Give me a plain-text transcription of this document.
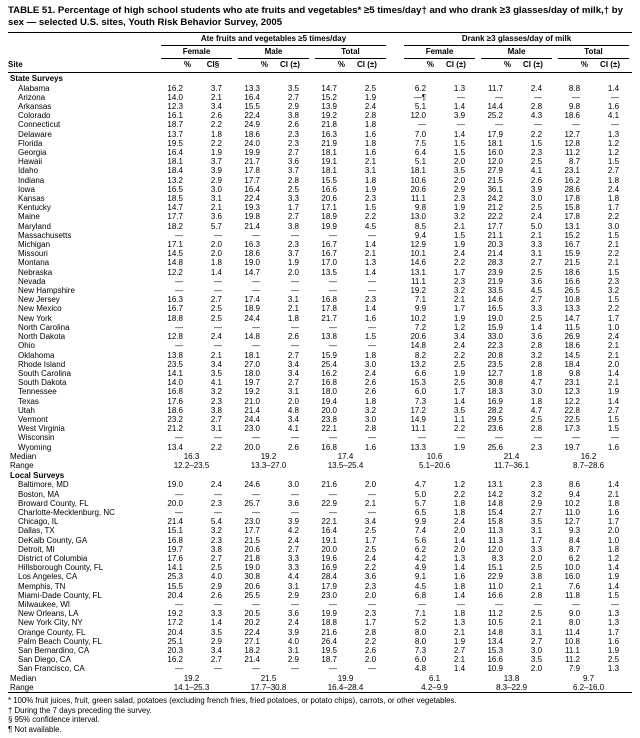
TABLE 51. Percentage of high school students who ate fruits and vegetables* ≥5 times/day† and who drank ≥3 glasses/day of milk,† by sex — selected U.S. sites, Youth Risk Behavior Survey, 2005

	Ate fruits and vegetables ≥5 times/day							Drank ≥3 glasses/day of milk					

	Female		Male		Total			Female		Male		Total	

Site	%	CI§	%	CI (±)	%	CI (±)		%	CI (±)	%	CI (±)	%	CI (±)
State Surveys													
Alabama	16.2	3.7	13.3	3.5	14.7	2.5		6.2	1.3	11.7	2.4	8.8	1.4
Arizona	14.0	2.1	16.4	2.7	15.2	1.9		—¶	—	—	—	—	—
Arkansas	12.3	3.4	15.5	2.9	13.9	2.4		5.1	1.4	14.4	2.8	9.8	1.6
Colorado	16.1	2.6	22.4	3.8	19.2	2.8		12.0	3.9	25.2	4.3	18.6	4.1
Connecticut	18.7	2.2	24.9	2.6	21.8	1.8		—	—	—	—	—	—
Delaware	13.7	1.8	18.6	2.3	16.3	1.6		7.0	1.4	17.9	2.2	12.7	1.3
Florida	19.5	2.2	24.0	2.3	21.9	1.8		7.5	1.5	18.1	1.5	12.8	1.2
Georgia	16.4	1.9	19.9	2.7	18.1	1.6		6.4	1.5	16.0	2.3	11.2	1.2
Hawaii	18.1	3.7	21.7	3.6	19.1	2.1		5.1	2.0	12.0	2.5	8.7	1.5
Idaho	18.4	3.9	17.8	3.7	18.1	3.1		18.1	3.5	27.9	4.1	23.1	2.7
Indiana	13.2	2.9	17.7	2.8	15.5	1.8		10.6	2.0	21.5	2.6	16.2	1.8
Iowa	16.5	3.0	16.4	2.5	16.6	1.9		20.6	2.9	36.1	3.9	28.6	2.4
Kansas	18.5	3.1	22.4	3.3	20.6	2.3		11.1	2.3	24.2	3.0	17.8	1.8
Kentucky	14.7	2.1	19.3	1.7	17.1	1.5		9.8	1.9	21.2	2.5	15.8	1.7
Maine	17.7	3.6	19.8	2.7	18.9	2.2		13.0	3.2	22.2	2.4	17.8	2.2
Maryland	18.2	5.7	21.4	3.8	19.9	4.5		8.5	2.1	17.7	5.0	13.1	3.0
Massachusetts	—	—	—	—	—	—		9.4	1.5	21.1	2.1	15.2	1.5
Michigan	17.1	2.0	16.3	2.3	16.7	1.4		12.9	1.9	20.3	3.3	16.7	2.1
Missouri	14.5	2.0	18.6	3.7	16.7	2.1		10.1	2.4	21.4	3.1	15.9	2.2
Montana	14.8	1.8	19.0	1.9	17.0	1.3		14.6	2.2	28.3	2.7	21.5	2.1
Nebraska	12.2	1.4	14.7	2.0	13.5	1.4		13.1	1.7	23.9	2.5	18.6	1.5
Nevada	—	—	—	—	—	—		11.1	2.3	21.9	3.6	16.6	2.3
New Hampshire	—	—	—	—	—	—		19.2	3.2	33.5	4.5	26.5	3.2
New Jersey	16.3	2.7	17.4	3.1	16.8	2.3		7.1	2.1	14.6	2.7	10.8	1.5
New Mexico	16.7	2.5	18.9	2.1	17.8	1.4		9.9	1.7	16.5	3.3	13.3	2.2
New York	18.8	2.5	24.4	1.8	21.7	1.6		10.2	1.9	19.0	2.5	14.7	1.7
North Carolina	—	—	—	—	—	—		7.2	1.2	15.9	1.4	11.5	1.0
North Dakota	12.8	2.4	14.8	2.6	13.8	1.5		20.6	3.4	33.0	3.6	26.9	2.4
Ohio	—	—	—	—	—	—		14.8	2.4	22.3	2.8	18.6	2.1
Oklahoma	13.8	2.1	18.1	2.7	15.9	1.8		8.2	2.2	20.8	3.2	14.5	2.1
Rhode Island	23.5	3.4	27.0	3.4	25.4	3.0		13.2	2.5	23.5	2.8	18.4	2.0
South Carolina	14.1	3.5	18.0	3.4	16.2	2.4		6.6	1.9	12.7	1.8	9.8	1.4
South Dakota	14.0	4.1	19.7	2.7	16.8	2.6		15.3	2.5	30.8	4.7	23.1	2.1
Tennessee	16.8	3.2	19.2	3.1	18.0	2.6		6.0	1.7	18.3	3.0	12.3	1.9
Texas	17.6	2.3	21.0	2.0	19.4	1.8		7.3	1.4	16.9	1.8	12.2	1.4
Utah	18.6	3.8	21.4	4.8	20.0	3.2		17.2	3.5	28.2	4.7	22.8	2.7
Vermont	23.2	2.7	24.4	3.4	23.8	3.0		14.9	1.1	29.5	2.5	22.5	1.5
West Virginia	21.2	3.1	23.0	4.1	22.1	2.8		11.1	2.2	23.6	2.8	17.3	1.5
Wisconsin	—	—	—	—	—	—		—	—	—	—	—	—
Wyoming	13.4	2.2	20.0	2.6	16.8	1.6		13.3	1.9	25.6	2.3	19.7	1.6
Median	16.3		19.2		17.4			10.6		21.4		16.2	
Range	12.2–23.5		13.3–27.0		13.5–25.4			5.1–20.6		11.7–36.1		8.7–28.6	
Local Surveys													
Baltimore, MD	19.0	2.4	24.6	3.0	21.6	2.0		4.7	1.2	13.1	2.3	8.6	1.4
Boston, MA	—	—	—	—	—	—		5.0	2.2	14.2	3.2	9.4	2.1
Broward County, FL	20.0	2.3	25.7	3.6	22.9	2.1		5.7	1.8	14.8	2.9	10.2	1.8
Charlotte-Mecklenburg, NC	—	—	—	—	—	—		6.5	1.8	15.4	2.7	11.0	1.6
Chicago, IL	21.4	5.4	23.0	3.9	22.1	3.4		9.9	2.4	15.8	3.5	12.7	1.7
Dallas, TX	15.1	3.2	17.7	4.2	16.4	2.5		7.4	2.0	11.3	3.1	9.3	2.0
DeKalb County, GA	16.8	2.3	21.5	2.4	19.1	1.7		5.6	1.4	11.3	1.7	8.4	1.0
Detroit, MI	19.7	3.8	20.6	2.7	20.0	2.5		6.2	2.0	12.0	3.3	8.7	1.8
District of Columbia	17.6	2.7	21.8	3.3	19.6	2.4		4.2	1.3	8.3	2.0	6.2	1.2
Hillsborough County, FL	14.1	2.5	19.0	3.3	16.9	2.2		4.9	1.4	15.1	2.5	10.0	1.4
Los Angeles, CA	25.3	4.0	30.8	4.4	28.4	3.6		9.1	1.6	22.9	3.8	16.0	1.9
Memphis, TN	15.5	2.9	20.6	3.1	17.9	2.3		4.5	1.8	11.0	2.1	7.6	1.4
Miami-Dade County, FL	20.4	2.6	25.5	2.9	23.0	2.0		6.8	1.4	16.6	2.8	11.8	1.5
Milwaukee, WI	—	—	—	—	—	—		—	—	—	—	—	—
New Orleans, LA	19.2	3.3	20.5	3.6	19.9	2.3		7.1	1.8	11.2	2.5	9.0	1.3
New York City, NY	17.2	1.4	20.2	2.4	18.8	1.7		5.2	1.3	10.5	2.1	8.0	1.3
Orange County, FL	20.4	3.5	22.4	3.9	21.6	2.8		8.0	2.1	14.8	3.1	11.4	1.7
Palm Beach County, FL	25.1	2.9	27.1	4.0	26.4	2.2		8.0	1.9	13.4	2.7	10.8	1.6
San Bernardino, CA	20.3	3.4	18.2	3.1	19.5	2.6		7.3	2.7	15.3	3.0	11.1	1.9
San Diego, CA	16.2	2.7	21.4	2.9	18.7	2.0		6.0	2.1	16.6	3.5	11.2	2.5
San Francisco, CA	—	—	—	—	—	—		4.8	1.4	10.9	2.0	7.9	1.3
Median	19.2		21.5		19.9			6.1		13.8		9.7	
Range	14.1–25.3		17.7–30.8		16.4–28.4			4.2–9.9		8.3–22.9		6.2–16.0	
* 100% fruit juices, fruit, green salad, potatoes (excluding french fries, fried potatoes, or potato chips), carrots, or other vegetables.
† During the 7 days preceding the survey.
§ 95% confidence interval.
¶ Not available.
